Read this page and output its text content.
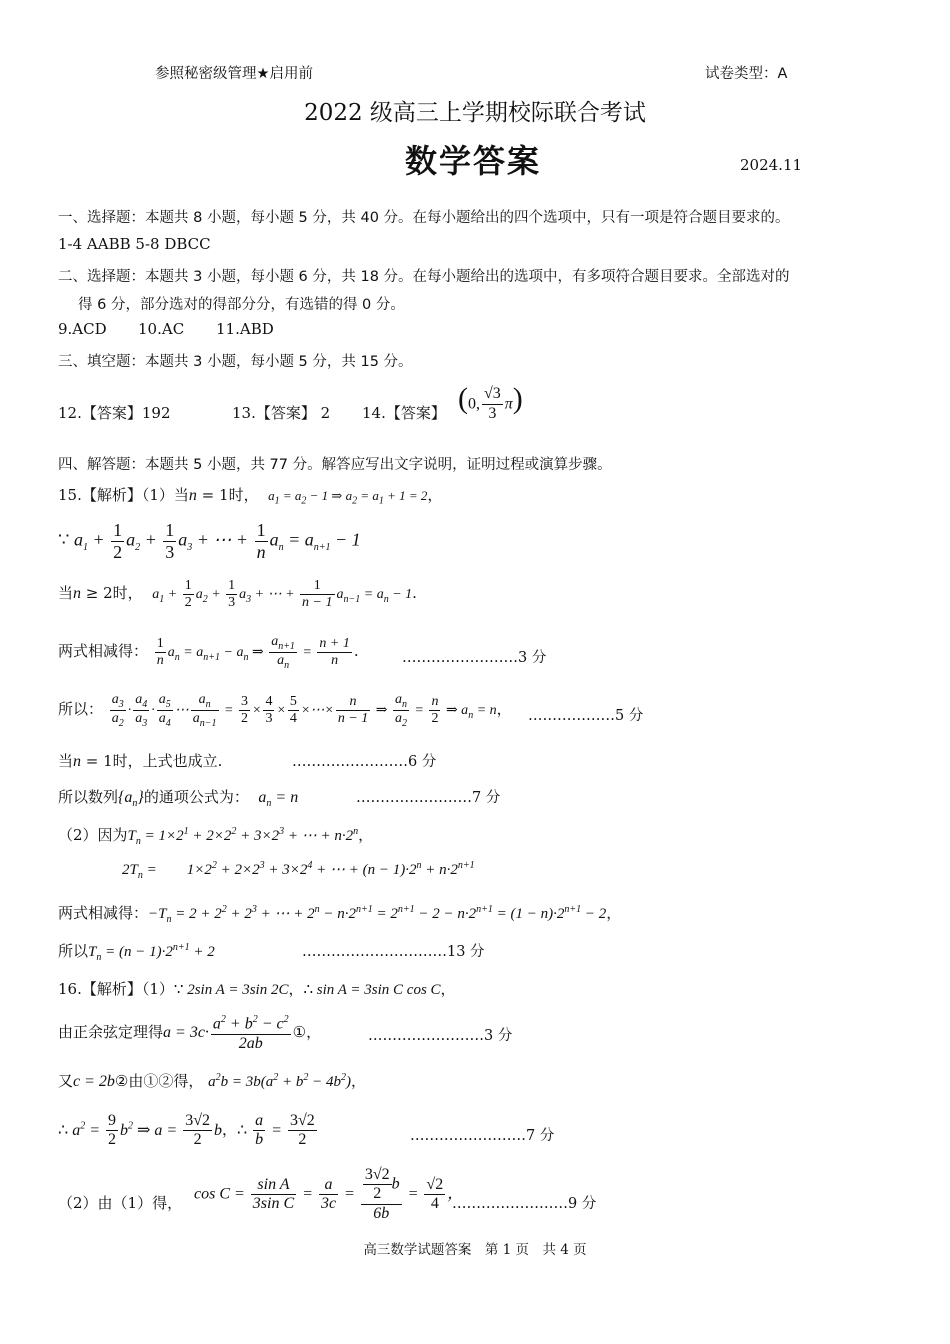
参照秘密级管理★启用前	试卷类型：A
2022 级高三上学期校际联合考试
数学答案	2024.11
一、选择题：本题共 8 小题，每小题 5 分，共 40 分。在每小题给出的四个选项中，只有一项是符合题目要求的。
1-4 AABB 5-8 DBCC
二、选择题：本题共 3 小题，每小题 6 分，共 18 分。在每小题给出的选项中，有多项符合题目要求。全部选对的
得 6 分，部分选对的得部分分，有选错的得 0 分。
9.ACD 10.AC 11.ABD
三、填空题：本题共 3 小题，每小题 5 分，共 15 分。
12.【答案】192	13.【答案】 2 14.【答案】 (0, $\frac{√3}{3} \pi$)
四、解答题：本题共 5 小题，共 77 分。解答应写出文字说明，证明过程或演算步骤。
15.【解析】（1）当n = 1时， $a_1 = a_2 - 1$ ⇒ $a_2 = a_1 + 1 = 2$，
∵ $a_1 + \frac{1}{2} a_2 + \frac{1}{3} a_3$ + ⋯ + $\frac{1}{n} a_n = a_{n+1} - 1$
当n ≥ 2时， $a_1 + \frac{1}{2} a_2 + \frac{1}{3} a_3$ + ⋯ + $\frac{1}{n - 1} a_{n-1} = a_n - 1$.
两式相减得： $\frac{1}{n} a_n = a_{n+1} - a_n$ ⇒ $\frac{a_{n+1}}{a_n} = \frac{n + 1}{n}$ .	……………………3 分
所以： $\frac{a_3}{a_2} \cdot \frac{a_4}{a_3} \cdot \frac{a_5}{a_4}$ ⋯ $\frac{a_n}{a_{n-1}} = \frac{3}{2} \times \frac{4}{3} \times \frac{5}{4}$ ×⋯× $\frac{n}{n - 1}$ ⇒ $\frac{a_n}{a_2} = \frac{n}{2}$ ⇒ $a_n = n$， ………………5 分
当n = 1时，上式也成立.	……………………6 分
所以数列$\{a_n\}$的通项公式为： $a_n = n$	……………………7 分
（2）因为$T_n = 1\times 2^1 + 2\times 2^2 + 3\times 2^3$ + ⋯ + $n\cdot 2^n$，
$2T_n$ =        $1\times 2^2 + 2\times 2^3 + 3\times 2^4$ + ⋯ + $(n - 1)\cdot 2^n + n\cdot 2^{n+1}$
两式相减得：$-T_n = 2 + 2^2 + 2^3$ + ⋯ + $2^n - n\cdot 2^{n+1} = 2^{n+1} - 2 - n\cdot 2^{n+1} = (1 - n)\cdot 2^{n+1} - 2$，
所以$T_n = (n - 1)\cdot 2^{n+1} + 2$	…………………………13 分
16.【解析】（1）∵ 2sin A = 3sin 2C，∴ sin A = 3sin C cos C，
由正余弦定理得$a = 3c\cdot \frac{a^2 + b^2 - c^2}{2ab}$ ①，	……………………3 分
又c = 2b②由①②得， $a^2b = 3b(a^2 + b^2 - 4b^2)$，
∴ $a^2 = \frac{9}{2} b^2$ ⇒ $a = \frac{3√2}{2}$ b，∴ $\frac{a}{b} = \frac{3√2}{2}$	……………………7 分
（2）由（1）得，
$\cos C = \frac{\text{sin A}}{\text{3sin C}} = \frac{a}{3c} = \frac{\frac{3√2}{2} b}{6b} = \frac{√2}{4}$ ，
……………………9 分
高三数学试题答案　第 1 页　共 4 页
